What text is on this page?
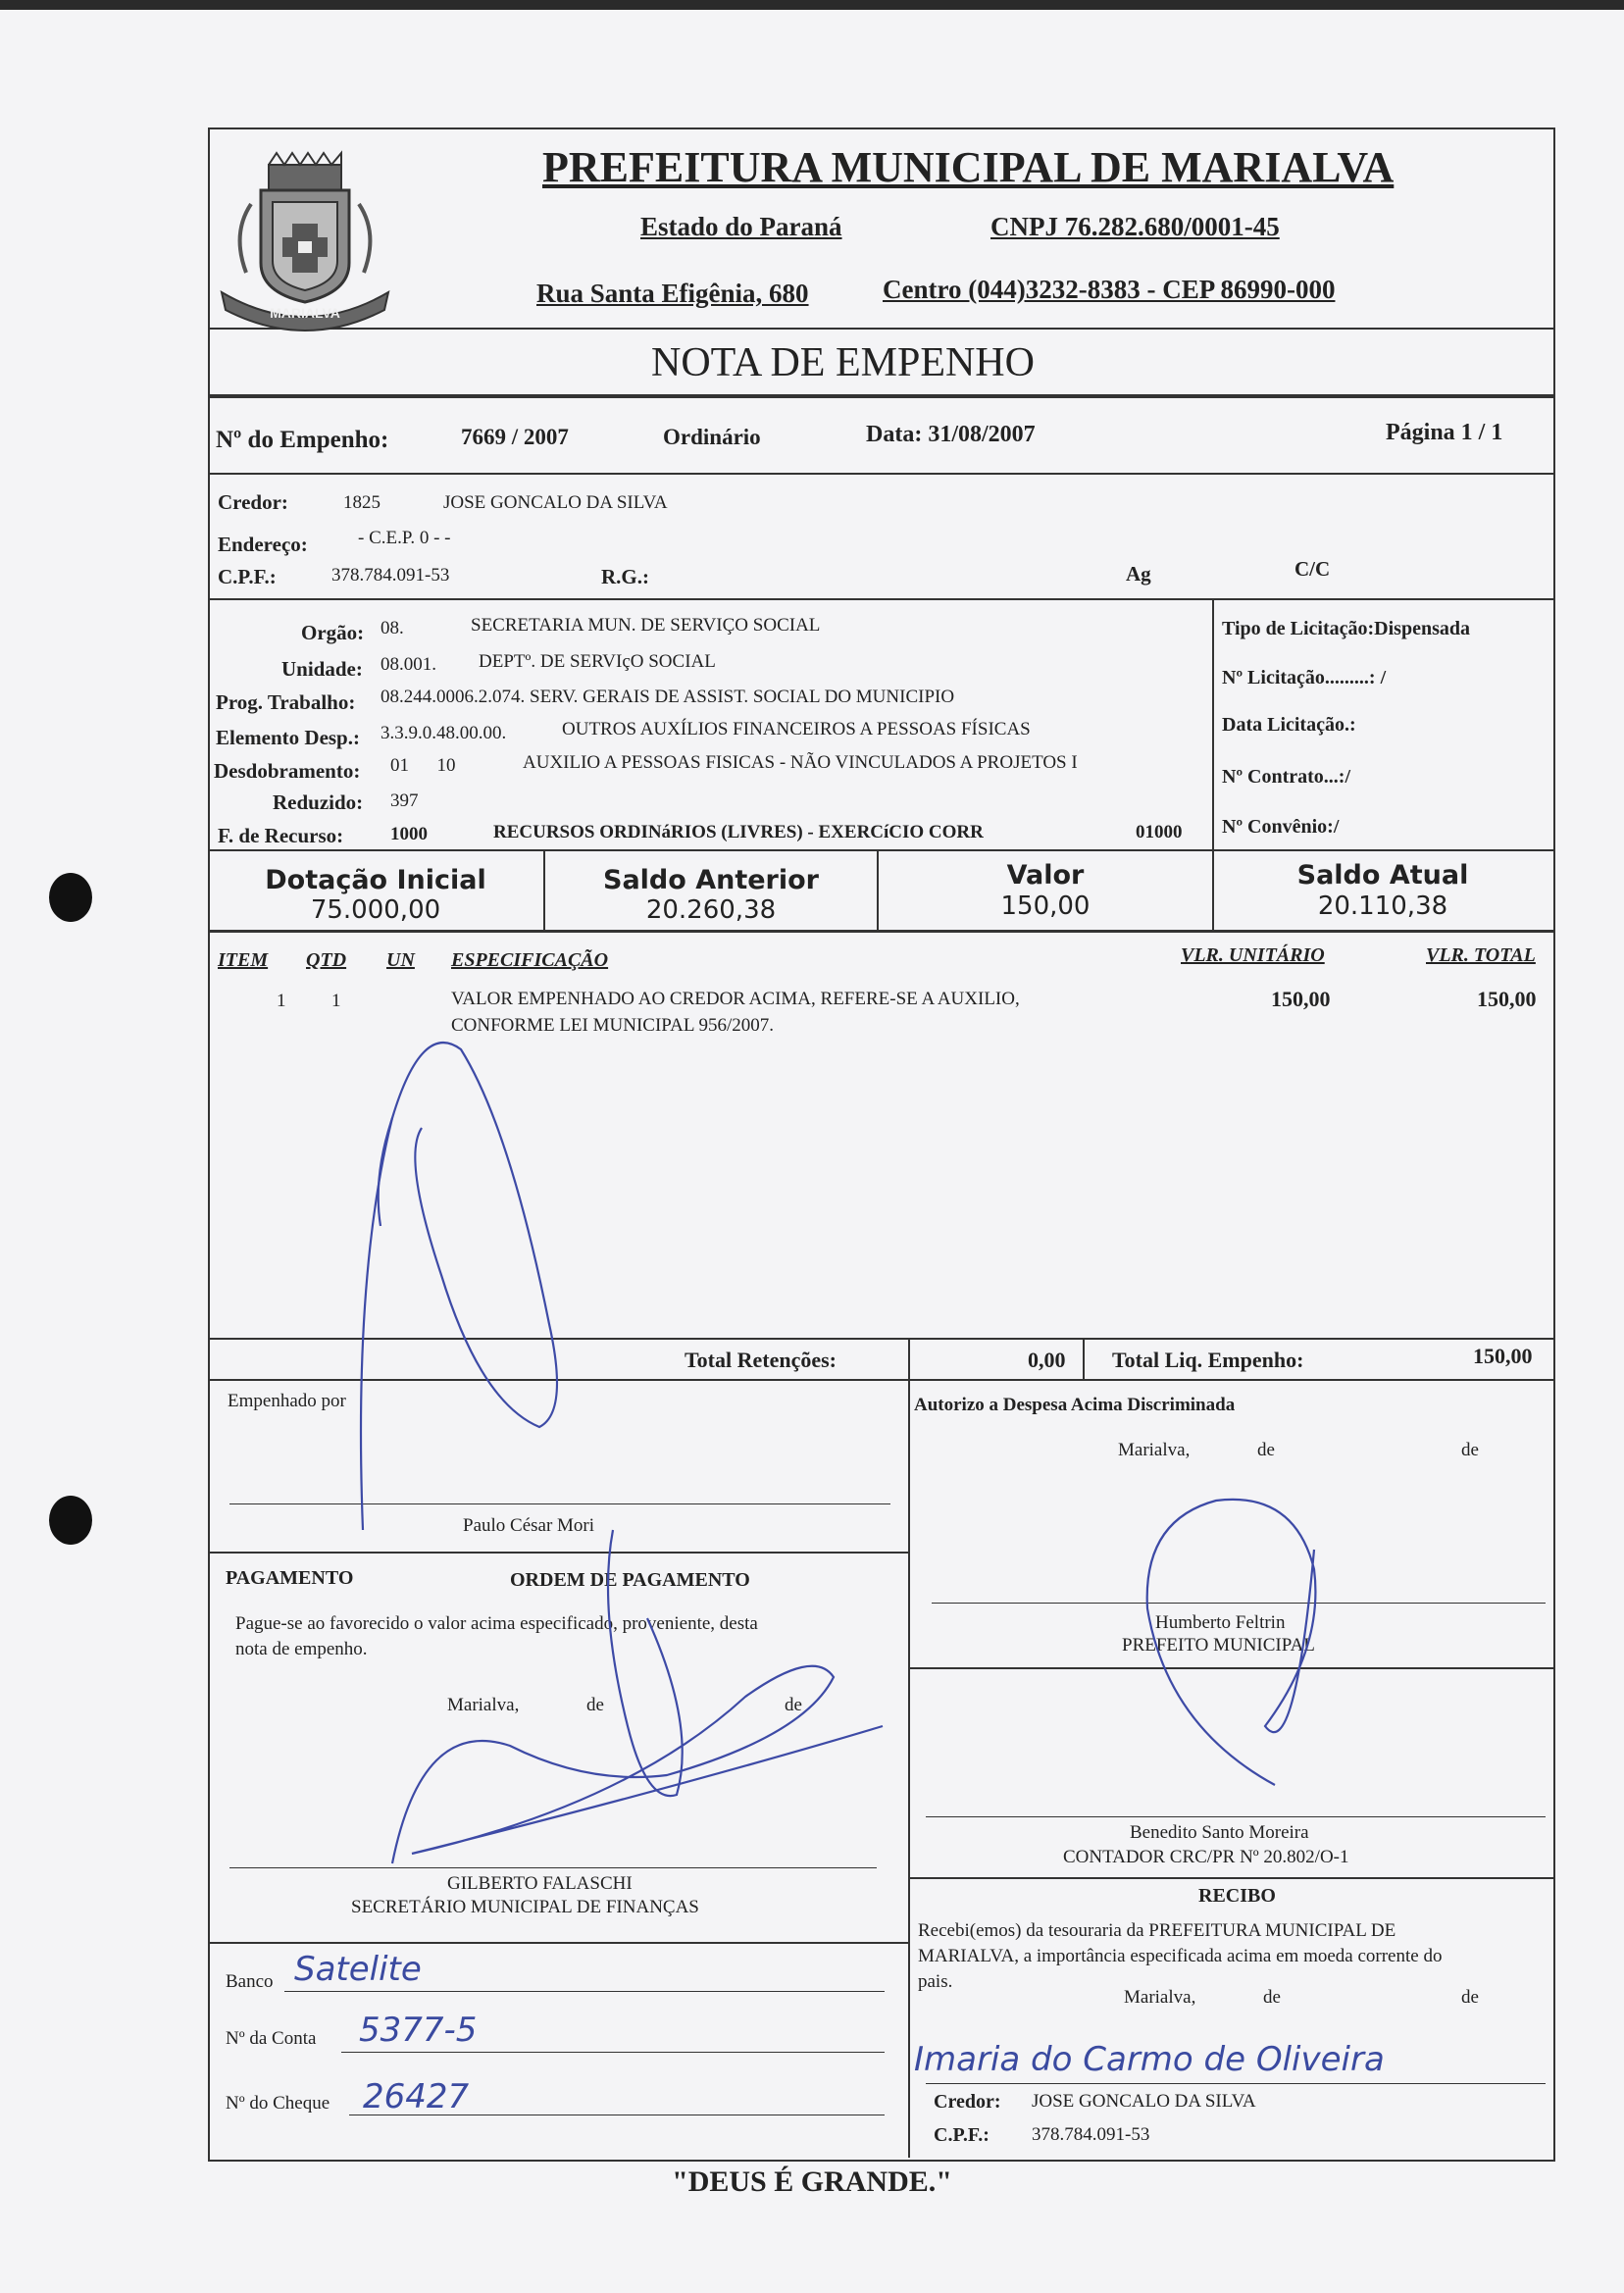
MARIALVA
PREFEITURA MUNICIPAL DE MARIALVA
Estado do Paraná	CNPJ 76.282.680/0001-45
Rua Santa Efigênia, 680	Centro (044)3232-8383 - CEP 86990-000
NOTA DE EMPENHO
Nº do Empenho:	7669 / 2007	Ordinário	Data: 31/08/2007	Página 1 / 1
Credor:	1825	JOSE GONCALO DA SILVA
Endereço:	- C.E.P. 0 - -
C.P.F.:	378.784.091-53	R.G.:	Ag	C/C
Orgão: 08.	SECRETARIA MUN. DE SERVIÇO SOCIAL
Unidade: 08.001. DEPTº. DE SERVIçO SOCIAL
Prog. Trabalho: 08.244.0006.2.074. SERV. GERAIS DE ASSIST. SOCIAL DO MUNICIPIO
Elemento Desp.: 3.3.9.0.48.00.00.	OUTROS AUXÍLIOS FINANCEIROS A PESSOAS FÍSICAS
Desdobramento: 01      10	AUXILIO A PESSOAS FISICAS - NÃO VINCULADOS A PROJETOS I
Reduzido: 397
F. de Recurso:	1000	RECURSOS ORDINáRIOS (LIVRES) - EXERCíCIO CORR	01000
Tipo de Licitação:Dispensada
Nº Licitação.........: /
Data Licitação.:
Nº Contrato...:/
Nº Convênio:/
Dotação Inicial
75.000,00
Saldo Anterior
20.260,38
Valor
150,00
Saldo Atual
20.110,38
ITEM QTD UN ESPECIFICAÇÃO	VLR. UNITÁRIO	VLR. TOTAL
1 1	VALOR EMPENHADO AO CREDOR ACIMA, REFERE-SE A AUXILIO,
CONFORME LEI MUNICIPAL 956/2007.
150,00	150,00
Total Retenções:	0,00 Total Liq. Empenho:	150,00
Empenhado por
Paulo César Mori
Autorizo a Despesa Acima Discriminada
Marialva,	de	de
Humberto Feltrin
PREFEITO MUNICIPAL
PAGAMENTO	ORDEM DE PAGAMENTO
Pague-se ao favorecido o valor acima especificado, proveniente, desta
nota de empenho.
Marialva,	de	de
GILBERTO FALASCHI
SECRETÁRIO MUNICIPAL DE FINANÇAS
Benedito Santo Moreira
CONTADOR CRC/PR Nº 20.802/O-1
Banco Satelite
Nº da Conta 5377-5
Nº do Cheque 26427
RECIBO
Recebi(emos) da tesouraria da PREFEITURA MUNICIPAL DE
MARIALVA, a importância especificada acima em moeda corrente do
pais.
Marialva,	de	de
Imaria do Carmo de Oliveira
Credor: JOSE GONCALO DA SILVA
C.P.F.: 378.784.091-53
"DEUS É GRANDE."
